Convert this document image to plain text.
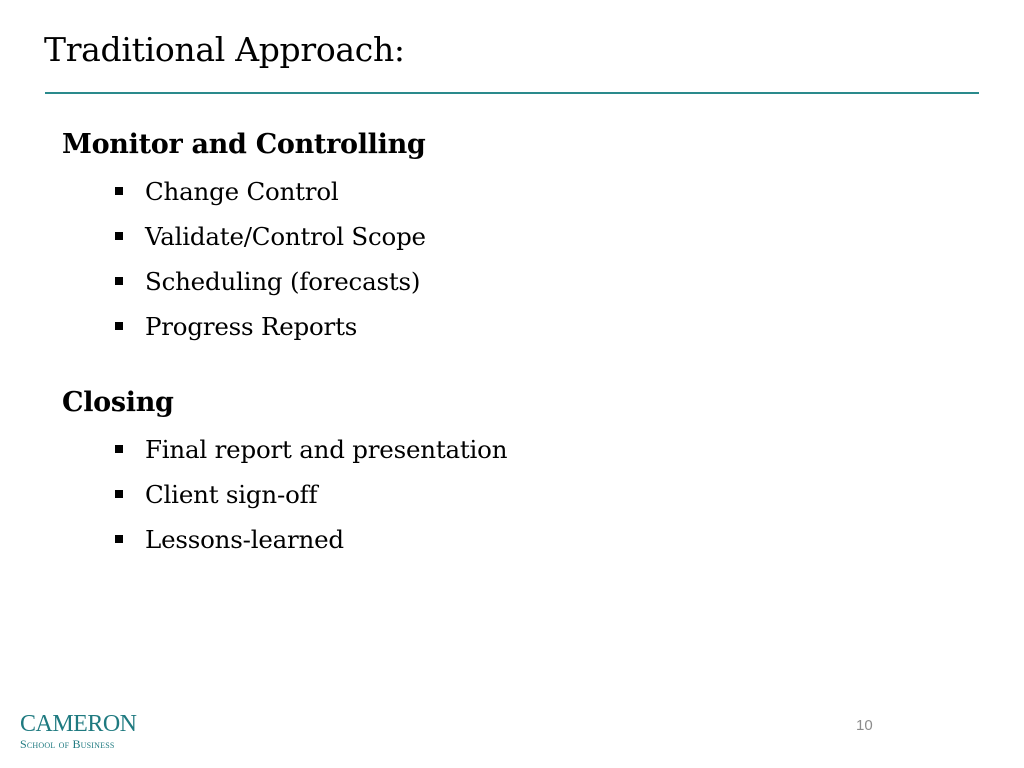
Traditional Approach:
Monitor and Controlling
Change Control
Validate/Control Scope
Scheduling (forecasts)
Progress Reports
Closing
Final report and presentation
Client sign-off
Lessons-learned
CAMERON
School of Business
10
